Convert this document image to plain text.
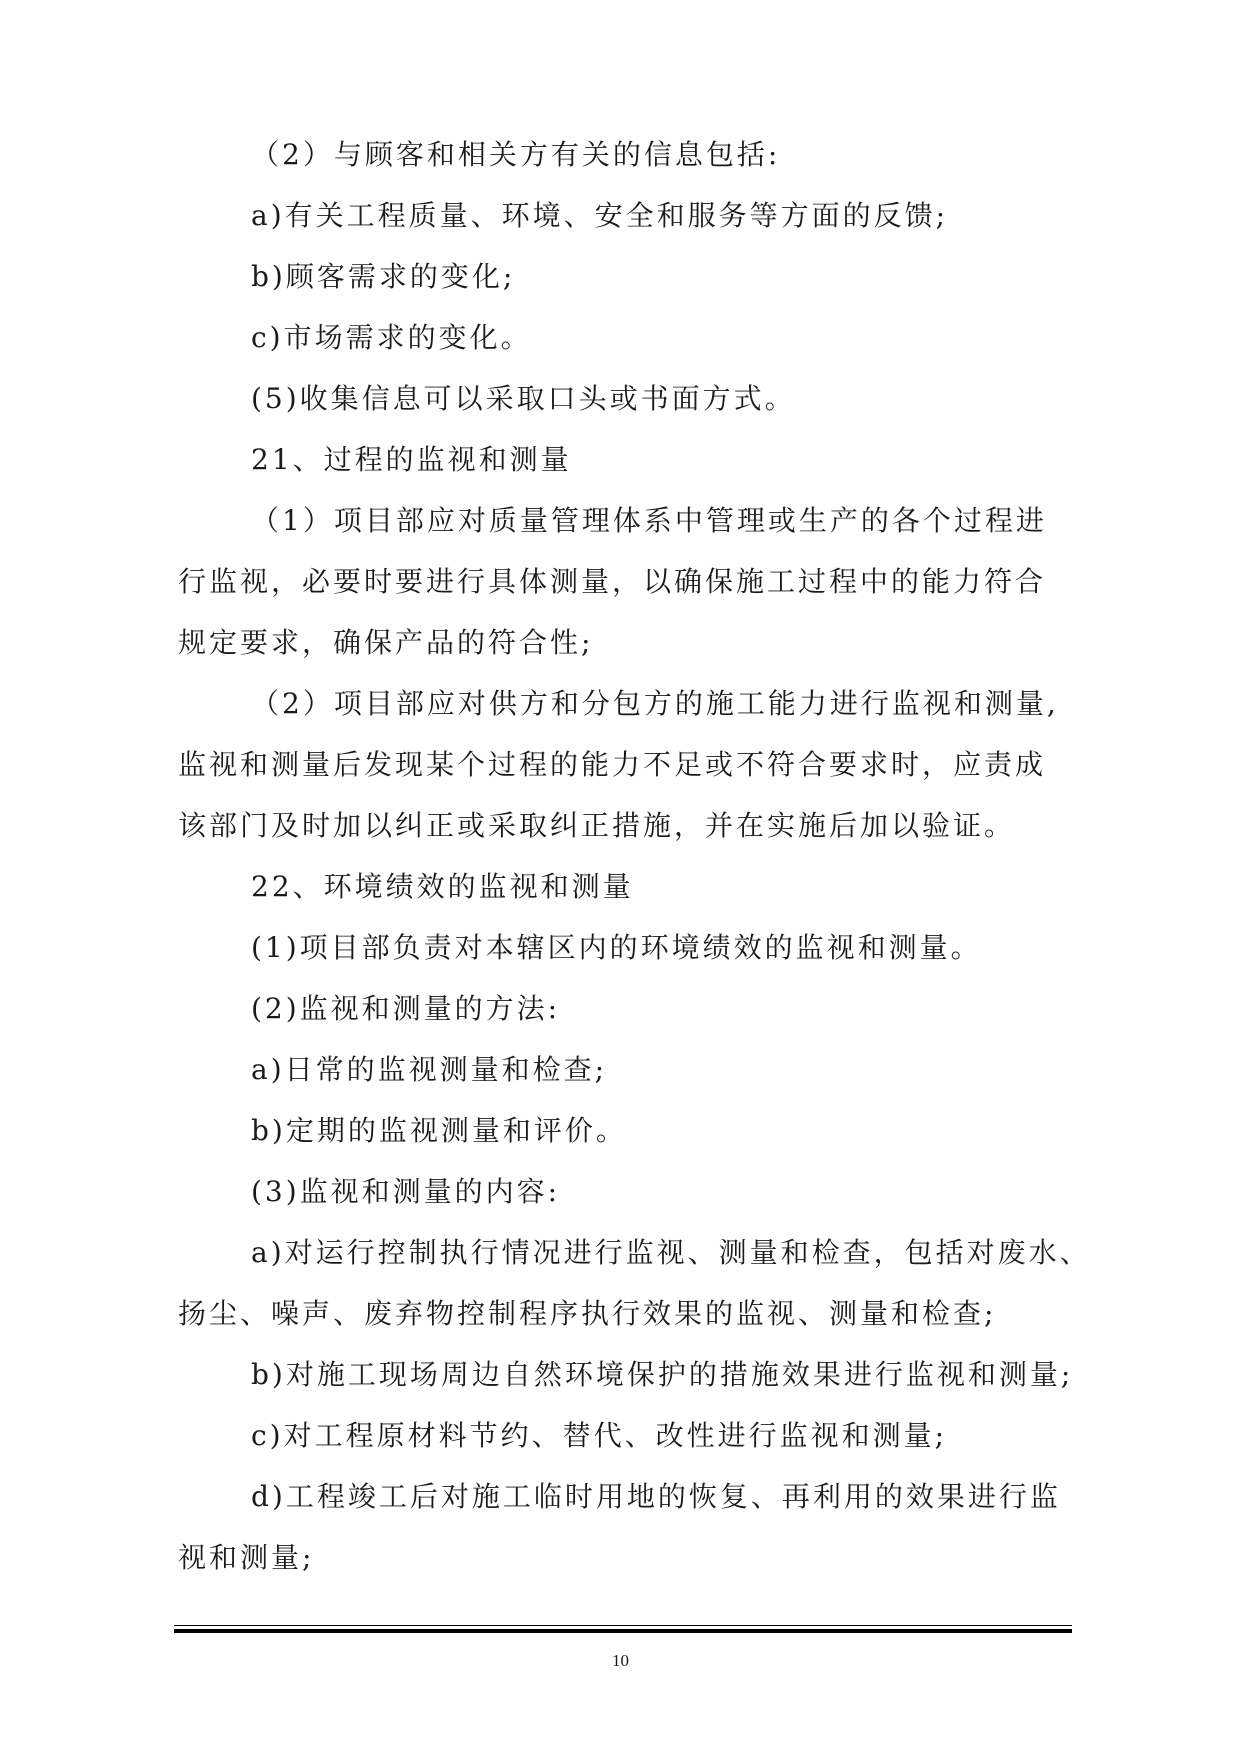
（2）与顾客和相关方有关的信息包括:
a)有关工程质量、环境、安全和服务等方面的反馈;
b)顾客需求的变化;
c)市场需求的变化。
(5)收集信息可以采取口头或书面方式。
21、过程的监视和测量
（1）项目部应对质量管理体系中管理或生产的各个过程进
行监视，必要时要进行具体测量，以确保施工过程中的能力符合
规定要求，确保产品的符合性;
（2）项目部应对供方和分包方的施工能力进行监视和测量,
监视和测量后发现某个过程的能力不足或不符合要求时，应责成
该部门及时加以纠正或采取纠正措施，并在实施后加以验证。
22、环境绩效的监视和测量
(1)项目部负责对本辖区内的环境绩效的监视和测量。
(2)监视和测量的方法:
a)日常的监视测量和检查;
b)定期的监视测量和评价。
(3)监视和测量的内容:
a)对运行控制执行情况进行监视、测量和检查，包括对废水、
扬尘、噪声、废弃物控制程序执行效果的监视、测量和检查;
b)对施工现场周边自然环境保护的措施效果进行监视和测量;
c)对工程原材料节约、替代、改性进行监视和测量;
d)工程竣工后对施工临时用地的恢复、再利用的效果进行监
视和测量;
10
